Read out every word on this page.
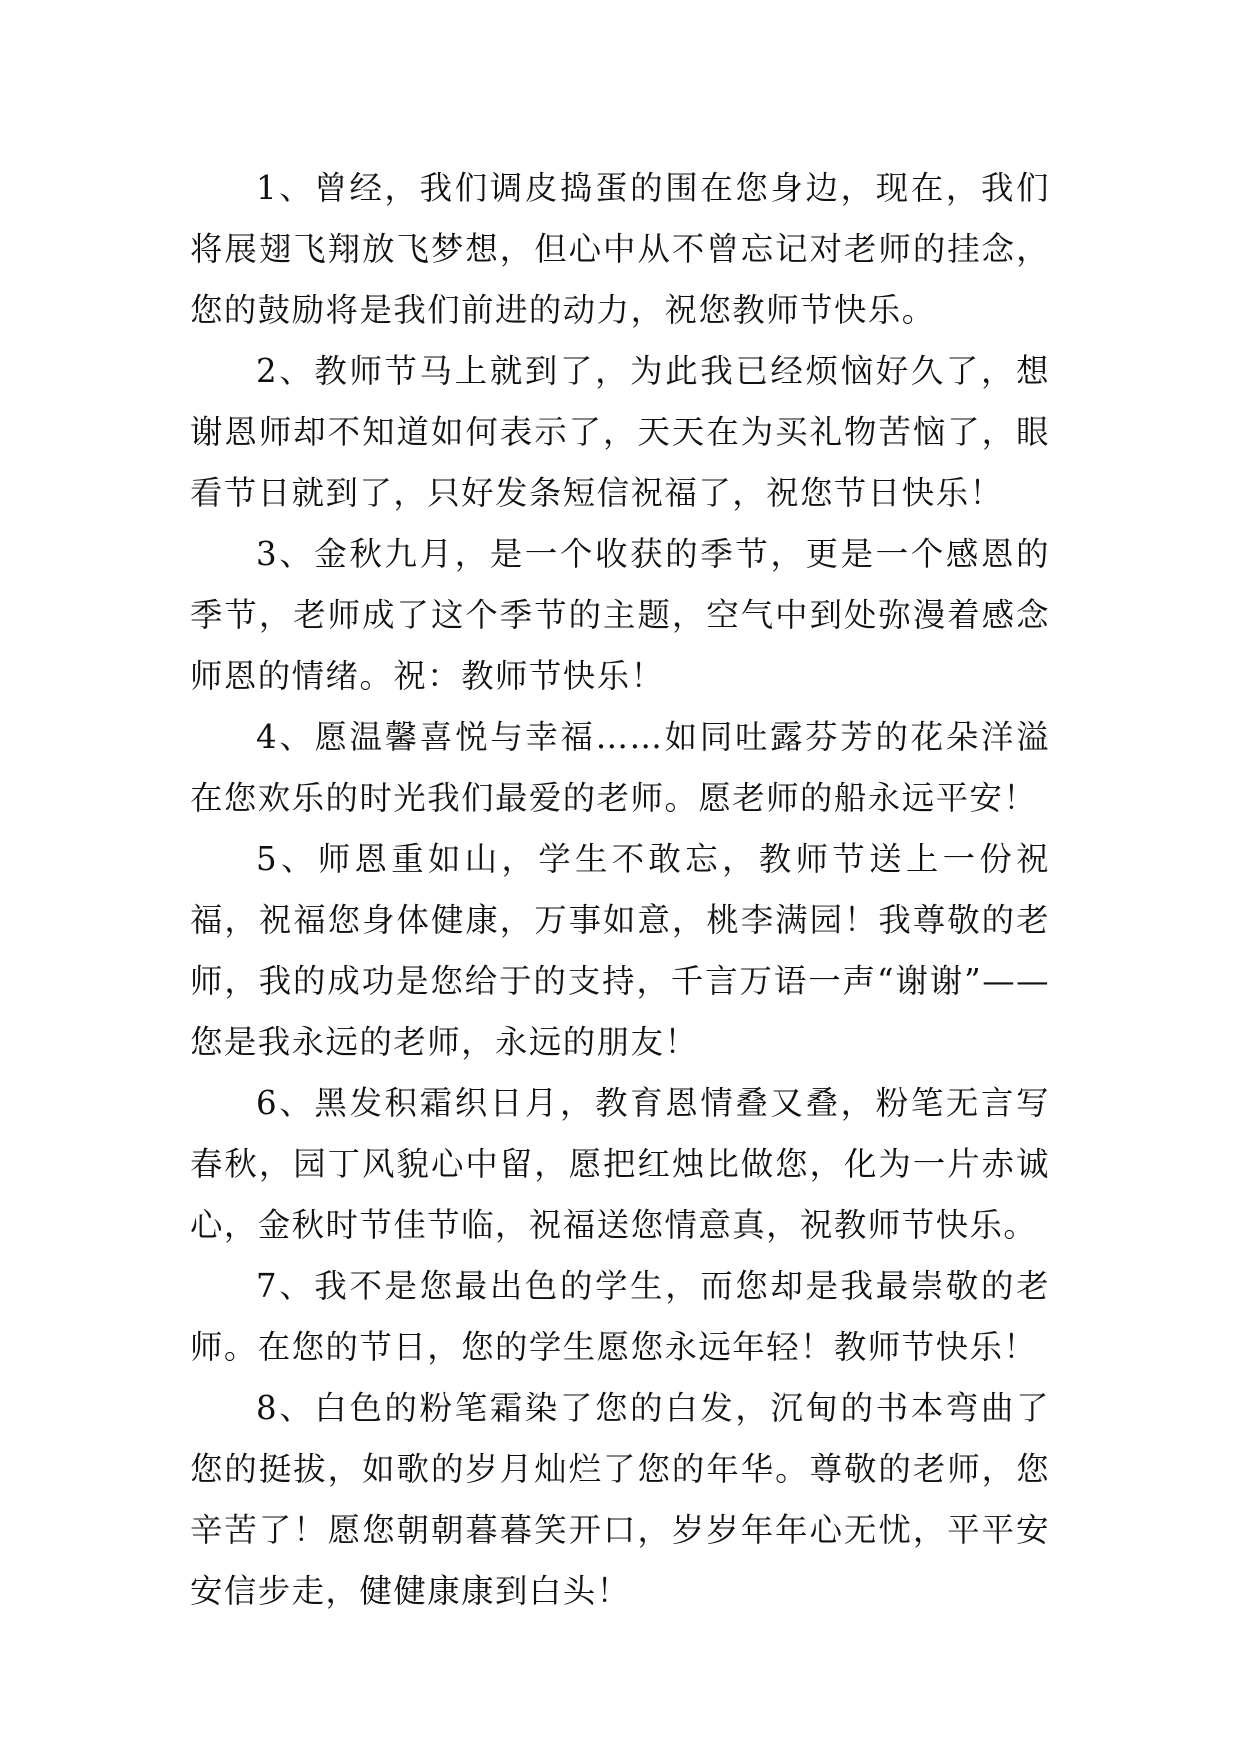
1、曾经，我们调皮捣蛋的围在您身边，现在，我们将展翅飞翔放飞梦想，但心中从不曾忘记对老师的挂念，您的鼓励将是我们前进的动力，祝您教师节快乐。

2、教师节马上就到了，为此我已经烦恼好久了，想谢恩师却不知道如何表示了，天天在为买礼物苦恼了，眼看节日就到了，只好发条短信祝福了，祝您节日快乐！

3、金秋九月，是一个收获的季节，更是一个感恩的季节，老师成了这个季节的主题，空气中到处弥漫着感念师恩的情绪。祝：教师节快乐！

4、愿温馨喜悦与幸福……如同吐露芬芳的花朵洋溢在您欢乐的时光我们最爱的老师。愿老师的船永远平安！

5、师恩重如山，学生不敢忘，教师节送上一份祝福，祝福您身体健康，万事如意，桃李满园！我尊敬的老师，我的成功是您给于的支持，千言万语一声“谢谢”——您是我永远的老师，永远的朋友！

6、黑发积霜织日月，教育恩情叠又叠，粉笔无言写春秋，园丁风貌心中留，愿把红烛比做您，化为一片赤诚心，金秋时节佳节临，祝福送您情意真，祝教师节快乐。

7、我不是您最出色的学生，而您却是我最崇敬的老师。在您的节日，您的学生愿您永远年轻！教师节快乐！

8、白色的粉笔霜染了您的白发，沉甸的书本弯曲了您的挺拔，如歌的岁月灿烂了您的年华。尊敬的老师，您辛苦了！愿您朝朝暮暮笑开口，岁岁年年心无忧，平平安安信步走，健健康康到白头！
